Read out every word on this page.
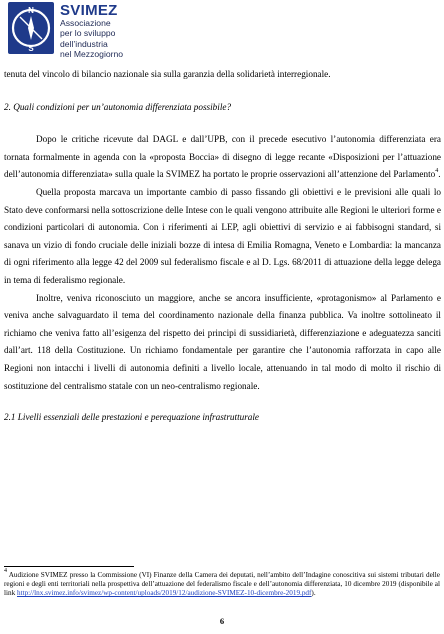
N
S
SVIMEZ
Associazione
per lo sviluppo
dell’industria
nel Mezzogiorno

tenuta del vincolo di bilancio nazionale sia sulla garanzia della solidarietà interregionale.

2. Quali condizioni per un’autonomia differenziata possibile?

Dopo le critiche ricevute dal DAGL e dall’UPB, con il precede esecutivo l’autonomia differenziata era tornata formalmente in agenda con la «proposta Boccia» di disegno di legge recante «Disposizioni per l’attuazione dell’autonomia differenziata» sulla quale la SVIMEZ ha portato le proprie osservazioni all’attenzione del Parlamento$^4$.

Quella proposta marcava un importante cambio di passo fissando gli obiettivi e le previsioni alle quali lo Stato deve conformarsi nella sottoscrizione delle Intese con le quali vengono attribuite alle Regioni le ulteriori forme e condizioni particolari di autonomia. Con i riferimenti ai LEP, agli obiettivi di servizio e ai fabbisogni standard, si sanava un vizio di fondo cruciale delle iniziali bozze di intesa di Emilia Romagna, Veneto e Lombardia: la mancanza di ogni riferimento alla legge 42 del 2009 sul federalismo fiscale e al D. Lgs. 68/2011 di attuazione della legge delega in tema di federalismo regionale.

Inoltre, veniva riconosciuto un maggiore, anche se ancora insufficiente, «protagonismo» al Parlamento e veniva anche salvaguardato il tema del coordinamento nazionale della finanza pubblica. Va inoltre sottolineato il richiamo che veniva fatto all’esigenza del rispetto dei principi di sussidiarietà, differenziazione e adeguatezza sanciti dall’art. 118 della Costituzione. Un richiamo fondamentale per garantire che l’autonomia rafforzata in capo alle Regioni non intacchi i livelli di autonomia definiti a livello locale, attenuando in tal modo di molto il rischio di sostituzione del centralismo statale con un neo-centralismo regionale.

2.1 Livelli essenziali delle prestazioni e perequazione infrastrutturale

$^4$ Audizione SVIMEZ presso la Commissione (VI) Finanze della Camera dei deputati, nell’ambito dell’Indagine conoscitiva sui sistemi tributari delle regioni e degli enti territoriali nella prospettiva dell’attuazione del federalismo fiscale e dell’autonomia differenziata, 10 dicembre 2019 (disponibile al link http://lnx.svimez.info/svimez/wp-content/uploads/2019/12/audizione-SVIMEZ-10-dicembre-2019.pdf).
6
